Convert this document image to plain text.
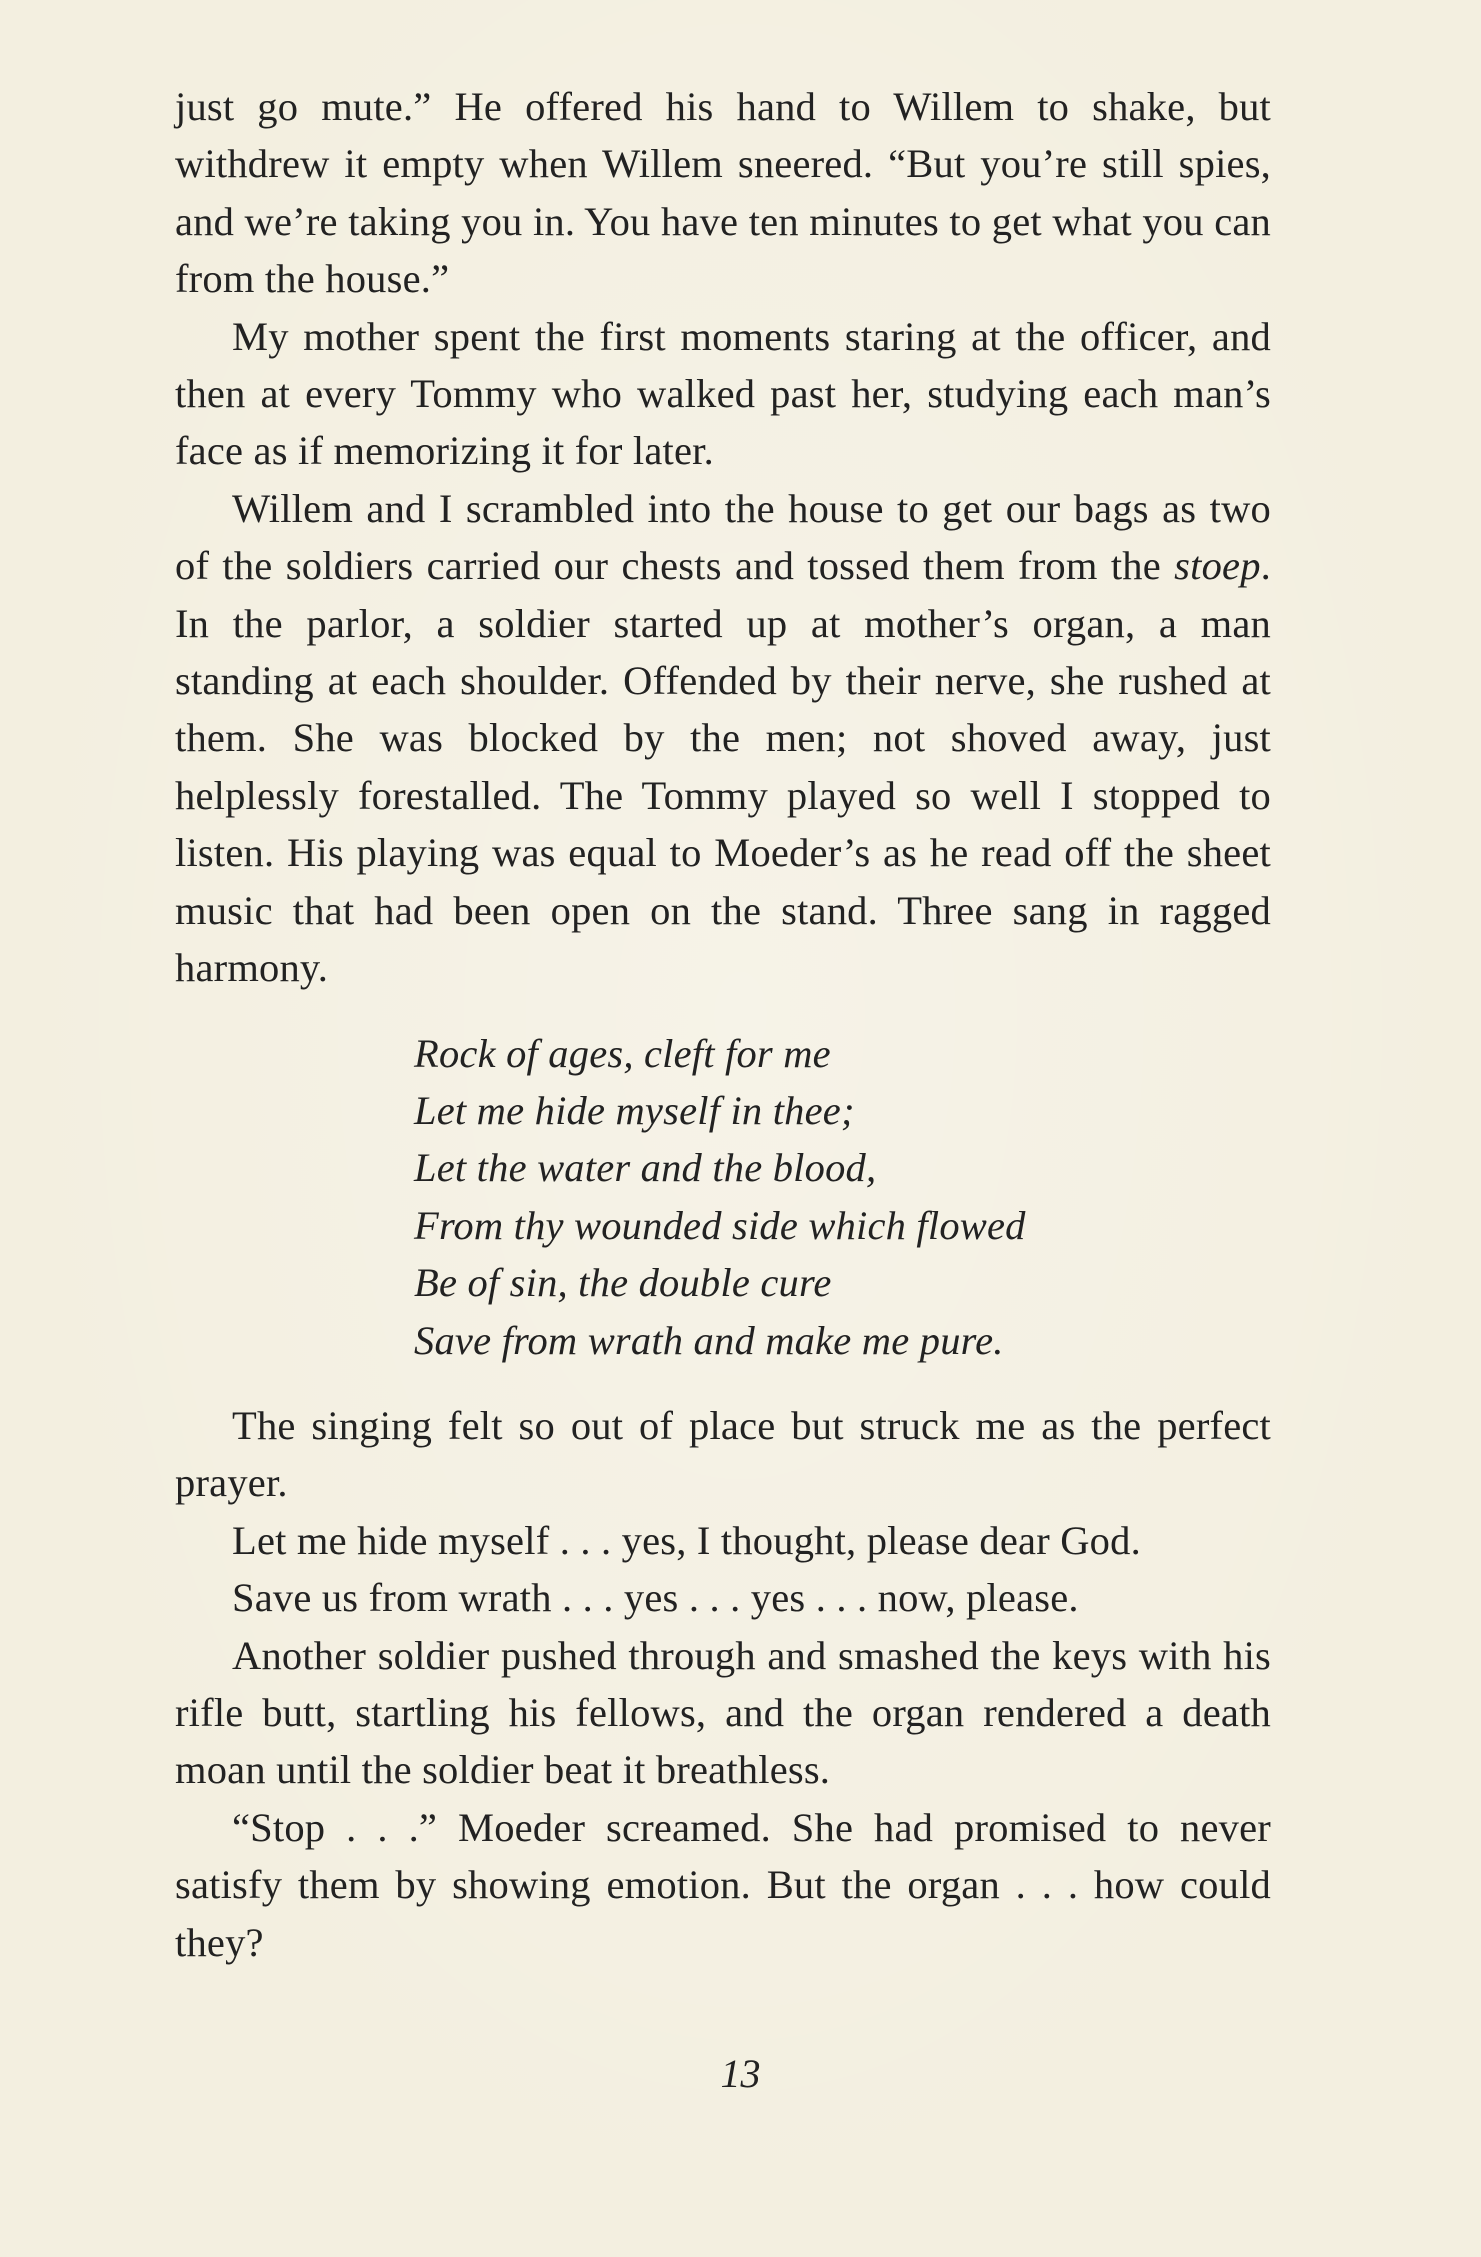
just go mute.” He offered his hand to Willem to shake, but withdrew it empty when Willem sneered. “But you’re still spies, and we’re taking you in. You have ten minutes to get what you can from the house.”

My mother spent the first moments staring at the officer, and then at every Tommy who walked past her, studying each man’s face as if memorizing it for later.

Willem and I scrambled into the house to get our bags as two of the soldiers carried our chests and tossed them from the stoep. In the parlor, a soldier started up at mother’s organ, a man standing at each shoulder. Offended by their nerve, she rushed at them. She was blocked by the men; not shoved away, just helplessly forestalled. The Tommy played so well I stopped to listen. His playing was equal to Moeder’s as he read off the sheet music that had been open on the stand. Three sang in ragged harmony.

Rock of ages, cleft for me
Let me hide myself in thee;
Let the water and the blood,
From thy wounded side which flowed
Be of sin, the double cure
Save from wrath and make me pure.

The singing felt so out of place but struck me as the perfect prayer.

Let me hide myself . . . yes, I thought, please dear God.

Save us from wrath . . . yes . . . yes . . . now, please.

Another soldier pushed through and smashed the keys with his rifle butt, startling his fellows, and the organ rendered a death moan until the soldier beat it breathless.

“Stop . . .” Moeder screamed. She had promised to never satisfy them by showing emotion. But the organ . . . how could they?

13
